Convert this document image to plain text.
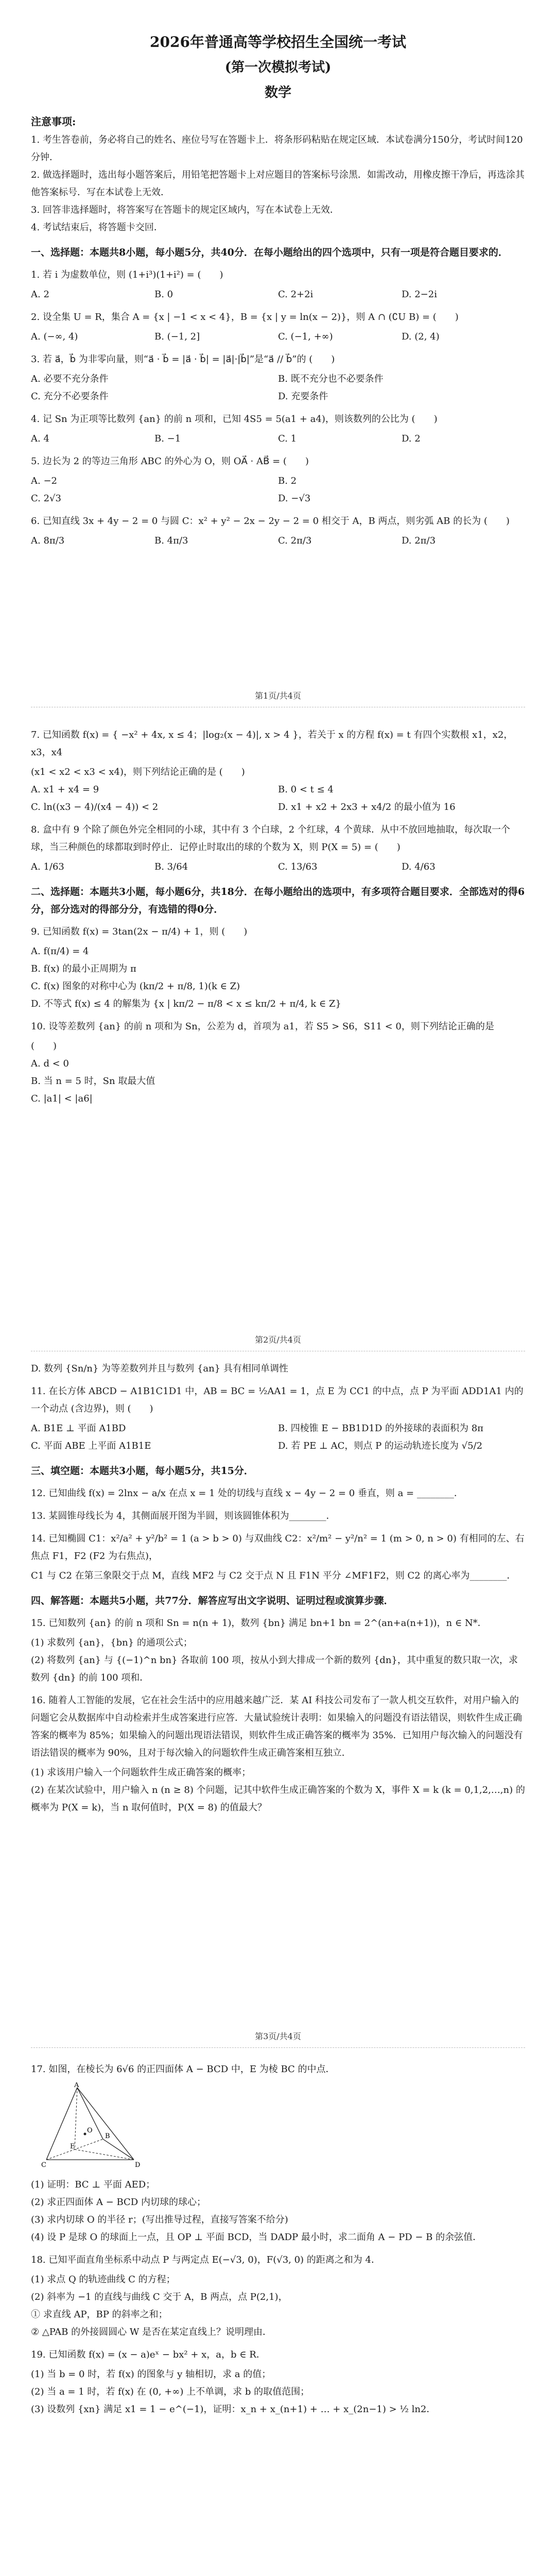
2026年普通高等学校招生全国统一考试
(第一次模拟考试)
数学
注意事项:

1. 考生答卷前，务必将自己的姓名、座位号写在答题卡上．将条形码粘贴在规定区域．本试卷满分150分，考试时间120分钟．

2. 做选择题时，选出每小题答案后，用铅笔把答题卡上对应题目的答案标号涂黑．如需改动，用橡皮擦干净后，再选涂其他答案标号．写在本试卷上无效．

3. 回答非选择题时，将答案写在答题卡的规定区域内，写在本试卷上无效．

4. 考试结束后，将答题卡交回．

一、选择题：本题共8小题，每小题5分，共40分．在每小题给出的四个选项中，只有一项是符合题目要求的．
1. 若 i 为虚数单位，则 (1+i³)(1+i²) = (　　)
A. 2	B. 0	C. 2+2i	D. 2−2i
2. 设全集 U = R，集合 A = {x | −1 < x < 4}，B = {x | y = ln(x − 2)}，则 A ∩ (∁U B) = (　　)
A. (−∞, 4)	B. (−1, 2]	C. (−1, +∞)	D. (2, 4)
3. 若 a⃗，b⃗ 为非零向量，则“a⃗ · b⃗ = |a⃗ · b⃗| = |a⃗|·|b⃗|”是“a⃗ // b⃗”的 (　　)
A. 必要不充分条件	B. 既不充分也不必要条件
C. 充分不必要条件	D. 充要条件
4. 记 Sn 为正项等比数列 {an} 的前 n 项和，已知 4S5 = 5(a1 + a4)，则该数列的公比为 (　　)
A. 4	B. −1	C. 1	D. 2
5. 边长为 2 的等边三角形 ABC 的外心为 O，则 OA⃗ · AB⃗ = (　　)
A. −2	B. 2
C. 2√3	D. −√3
6. 已知直线 3x + 4y − 2 = 0 与圆 C：x² + y² − 2x − 2y − 2 = 0 相交于 A，B 两点，则劣弧 AB 的长为 (　　)
A. 8π/3	B. 4π/3	C. 2π/3	D. 2π/3
第1页/共4页
7. 已知函数 f(x) = { −x² + 4x, x ≤ 4；|log₂(x − 4)|, x > 4 }，若关于 x 的方程 f(x) = t 有四个实数根 x1，x2，x3，x4
(x1 < x2 < x3 < x4)，则下列结论正确的是 (　　)
A. x1 + x4 = 9	B. 0 < t ≤ 4
C. ln((x3 − 4)/(x4 − 4)) < 2	D. x1 + x2 + 2x3 + x4/2 的最小值为 16
8. 盒中有 9 个除了颜色外完全相同的小球，其中有 3 个白球，2 个红球，4 个黄球．从中不放回地抽取，每次取一个球，当三种颜色的球都取到时停止．记停止时取出的球的个数为 X，则 P(X = 5) = (　　)
A. 1/63	B. 3/64	C. 13/63	D. 4/63
二、选择题：本题共3小题，每小题6分，共18分．在每小题给出的选项中，有多项符合题目要求．全部选对的得6分，部分选对的得部分分，有选错的得0分．
9. 已知函数 f(x) = 3tan(2x − π/4) + 1，则 (　　)
A. f(π/4) = 4
B. f(x) 的最小正周期为 π
C. f(x) 图象的对称中心为 (kπ/2 + π/8, 1)(k ∈ Z)
D. 不等式 f(x) ≤ 4 的解集为 {x | kπ/2 − π/8 < x ≤ kπ/2 + π/4, k ∈ Z}
10. 设等差数列 {an} 的前 n 项和为 Sn，公差为 d，首项为 a1，若 S5 > S6，S11 < 0，则下列结论正确的是
(　　)
A. d < 0
B. 当 n = 5 时，Sn 取最大值
C. |a1| < |a6|
第2页/共4页
D. 数列 {Sn/n} 为等差数列并且与数列 {an} 具有相同单调性
11. 在长方体 ABCD − A1B1C1D1 中，AB = BC = ½AA1 = 1，点 E 为 CC1 的中点，点 P 为平面 ADD1A1 内的一个动点 (含边界)，则 (　　)
A. B1E ⊥ 平面 A1BD	B. 四棱锥 E − BB1D1D 的外接球的表面积为 8π
C. 平面 ABE 上平面 A1B1E	D. 若 PE ⊥ AC，则点 P 的运动轨迹长度为 √5/2
三、填空题：本题共3小题，每小题5分，共15分．
12. 已知曲线 f(x) = 2lnx − a/x 在点 x = 1 处的切线与直线 x − 4y − 2 = 0 垂直，则 a = ________．
13. 某圆锥母线长为 4，其侧面展开图为半圆，则该圆锥体积为________．
14. 已知椭圆 C1：x²/a² + y²/b² = 1 (a > b > 0) 与双曲线 C2：x²/m² − y²/n² = 1 (m > 0, n > 0) 有相同的左、右焦点 F1，F2 (F2 为右焦点)，
C1 与 C2 在第三象限交于点 M，直线 MF2 与 C2 交于点 N 且 F1N 平分 ∠MF1F2，则 C2 的离心率为________．
四、解答题：本题共5小题，共77分．解答应写出文字说明、证明过程或演算步骤．
15. 已知数列 {an} 的前 n 项和 Sn = n(n + 1)，数列 {bn} 满足 bn+1 bn = 2^(an+a(n+1))，n ∈ N*．
(1) 求数列 {an}，{bn} 的通项公式；
(2) 将数列 {an} 与 {(−1)^n bn} 各取前 100 项，按从小到大排成一个新的数列 {dn}，其中重复的数只取一次，求数列 {dn} 的前 100 项和．
16. 随着人工智能的发展，它在社会生活中的应用越来越广泛．某 AI 科技公司发布了一款人机交互软件，对用户输入的问题它会从数据库中自动检索并生成答案进行应答．大量试验统计表明：如果输入的问题没有语法错误，则软件生成正确答案的概率为 85%；如果输入的问题出现语法错误，则软件生成正确答案的概率为 35%．已知用户每次输入的问题没有语法错误的概率为 90%，且对于每次输入的问题软件生成正确答案相互独立．
(1) 求该用户输入一个问题软件生成正确答案的概率；
(2) 在某次试验中，用户输入 n (n ≥ 8) 个问题，记其中软件生成正确答案的个数为 X，事件 X = k (k = 0,1,2,…,n) 的概率为 P(X = k)，当 n 取何值时，P(X = 8) 的值最大？
第3页/共4页
17. 如图，在棱长为 6√6 的正四面体 A − BCD 中，E 为棱 BC 的中点．
A
B
C	D
E
O
(1) 证明：BC ⊥ 平面 AED；
(2) 求正四面体 A − BCD 内切球的球心；
(3) 求内切球 O 的半径 r；(写出推导过程，直接写答案不给分)
(4) 设 P 是球 O 的球面上一点，且 OP ⊥ 平面 BCD，当 DADP 最小时，求二面角 A − PD − B 的余弦值．
18. 已知平面直角坐标系中动点 P 与两定点 E(−√3, 0)，F(√3, 0) 的距离之和为 4．
(1) 求点 Q 的轨迹曲线 C 的方程；
(2) 斜率为 −1 的直线与曲线 C 交于 A，B 两点，点 P(2,1)，
① 求直线 AP，BP 的斜率之和；
② △PAB 的外接圆圆心 W 是否在某定直线上？说明理由．
19. 已知函数 f(x) = (x − a)eˣ − bx² + x，a，b ∈ R．
(1) 当 b = 0 时，若 f(x) 的图象与 y 轴相切，求 a 的值；
(2) 当 a = 1 时，若 f(x) 在 (0, +∞) 上不单调，求 b 的取值范围；
(3) 设数列 {xn} 满足 x1 = 1 − e^(−1)，证明：x_n + x_(n+1) + … + x_(2n−1) > ½ ln2．
